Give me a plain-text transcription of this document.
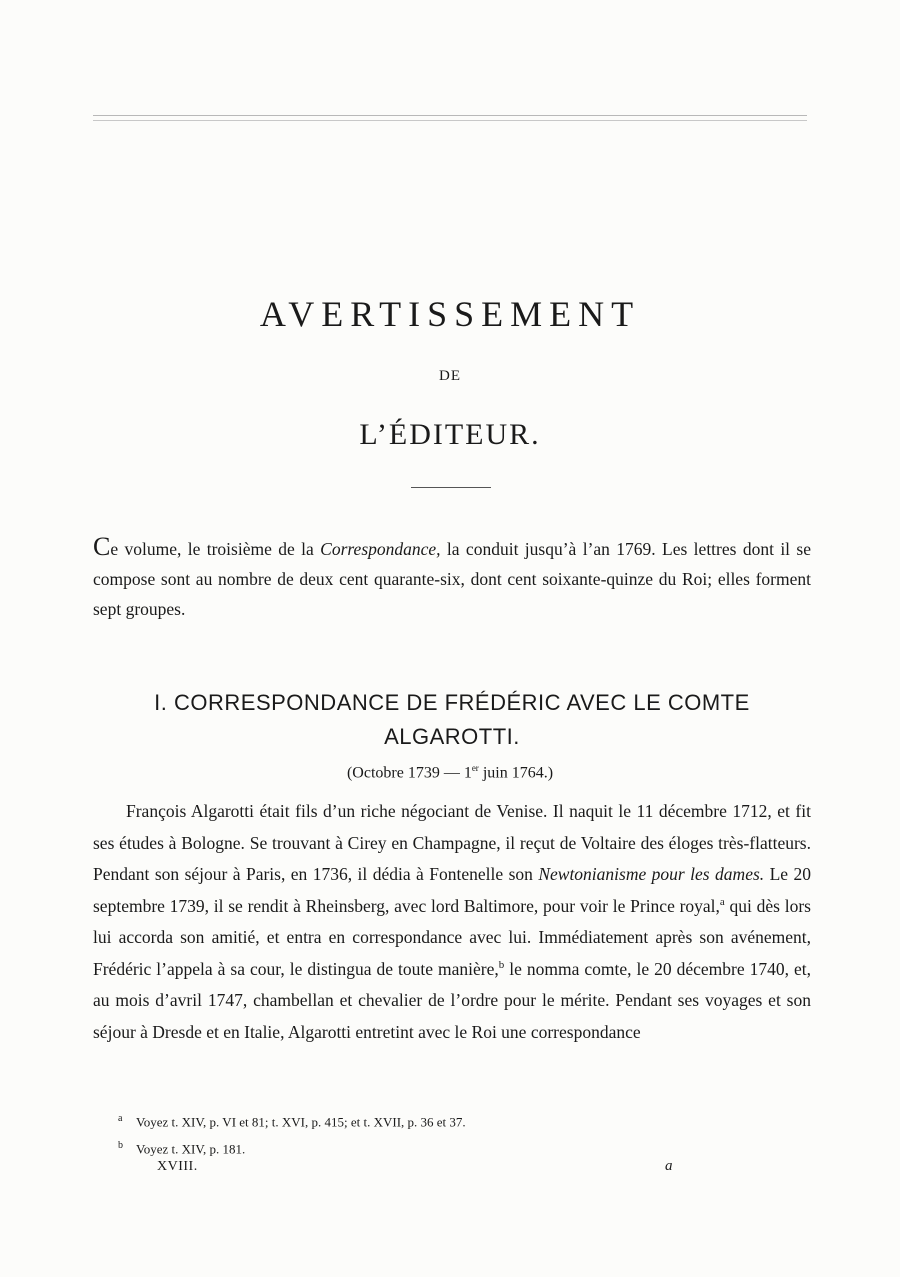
AVERTISSEMENT
DE
L’ÉDITEUR.

Ce volume, le troisième de la Correspondance, la conduit jusqu’à l’an 1769. Les lettres dont il se compose sont au nombre de deux cent quarante-six, dont cent soixante-quinze du Roi; elles forment sept groupes.

I. CORRESPONDANCE DE FRÉDÉRIC AVEC LE COMTE ALGAROTTI.
(Octobre 1739 — 1er juin 1764.)

François Algarotti était fils d’un riche négociant de Venise. Il naquit le 11 décembre 1712, et fit ses études à Bologne. Se trouvant à Cirey en Champagne, il reçut de Voltaire des éloges très-flatteurs. Pendant son séjour à Paris, en 1736, il dédia à Fontenelle son Newtonianisme pour les dames. Le 20 septembre 1739, il se rendit à Rheinsberg, avec lord Baltimore, pour voir le Prince royal,$^a$ qui dès lors lui accorda son amitié, et entra en correspondance avec lui. Immédiatement après son avénement, Frédéric l’appela à sa cour, le distingua de toute manière,$^b$ le nomma comte, le 20 décembre 1740, et, au mois d’avril 1747, chambellan et chevalier de l’ordre pour le mérite. Pendant ses voyages et son séjour à Dresde et en Italie, Algarotti entretint avec le Roi une correspondance

a Voyez t. XIV, p. VI et 81; t. XVI, p. 415; et t. XVII, p. 36 et 37.
b Voyez t. XIV, p. 181.
XVIII.	a
